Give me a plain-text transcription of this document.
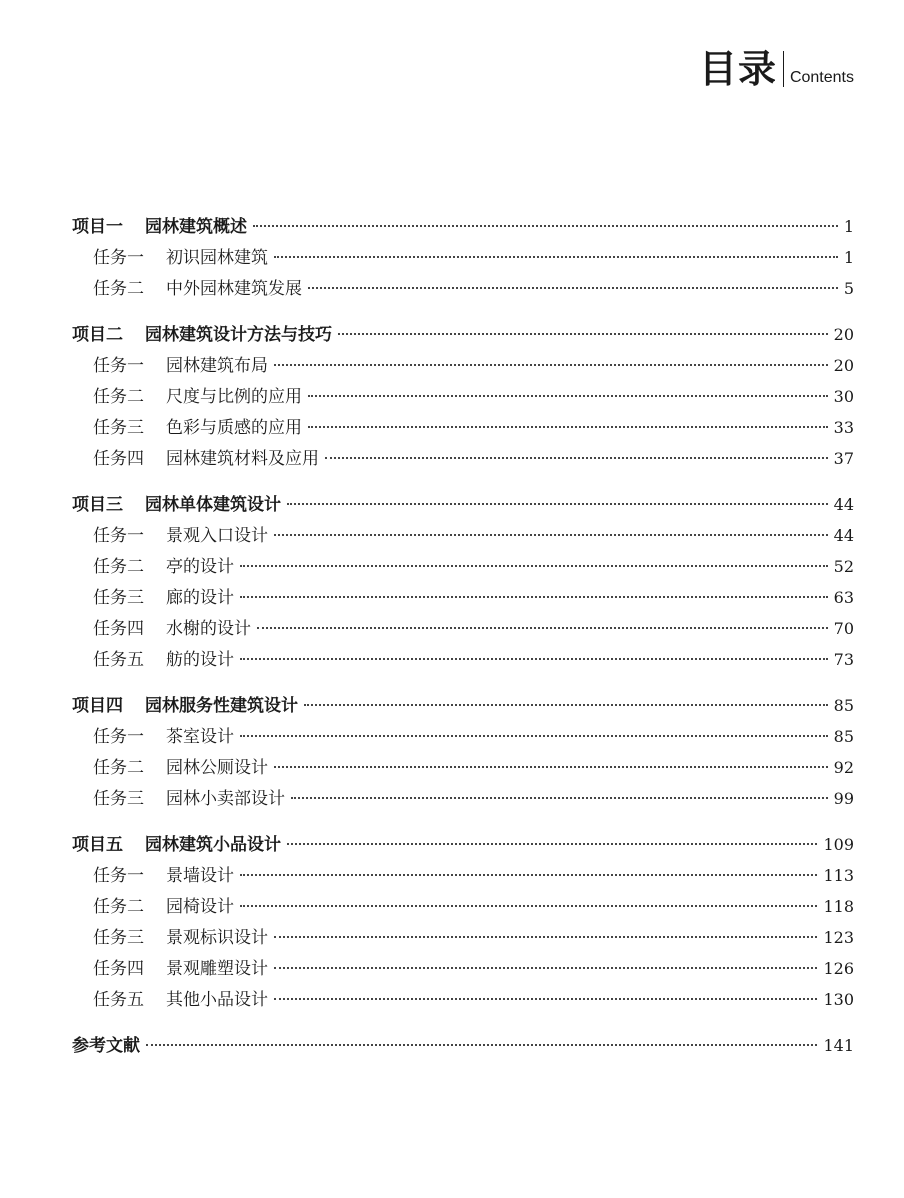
目录 Contents
项目一 园林建筑概述	1
任务一 初识园林建筑	1
任务二 中外园林建筑发展	5
项目二 园林建筑设计方法与技巧	20
任务一 园林建筑布局	20
任务二 尺度与比例的应用	30
任务三 色彩与质感的应用	33
任务四 园林建筑材料及应用	37
项目三 园林单体建筑设计	44
任务一 景观入口设计	44
任务二 亭的设计	52
任务三 廊的设计	63
任务四 水榭的设计	70
任务五 舫的设计	73
项目四 园林服务性建筑设计	85
任务一 茶室设计	85
任务二 园林公厕设计	92
任务三 园林小卖部设计	99
项目五 园林建筑小品设计	109
任务一 景墙设计	113
任务二 园椅设计	118
任务三 景观标识设计	123
任务四 景观雕塑设计	126
任务五 其他小品设计	130
参考文献	141
